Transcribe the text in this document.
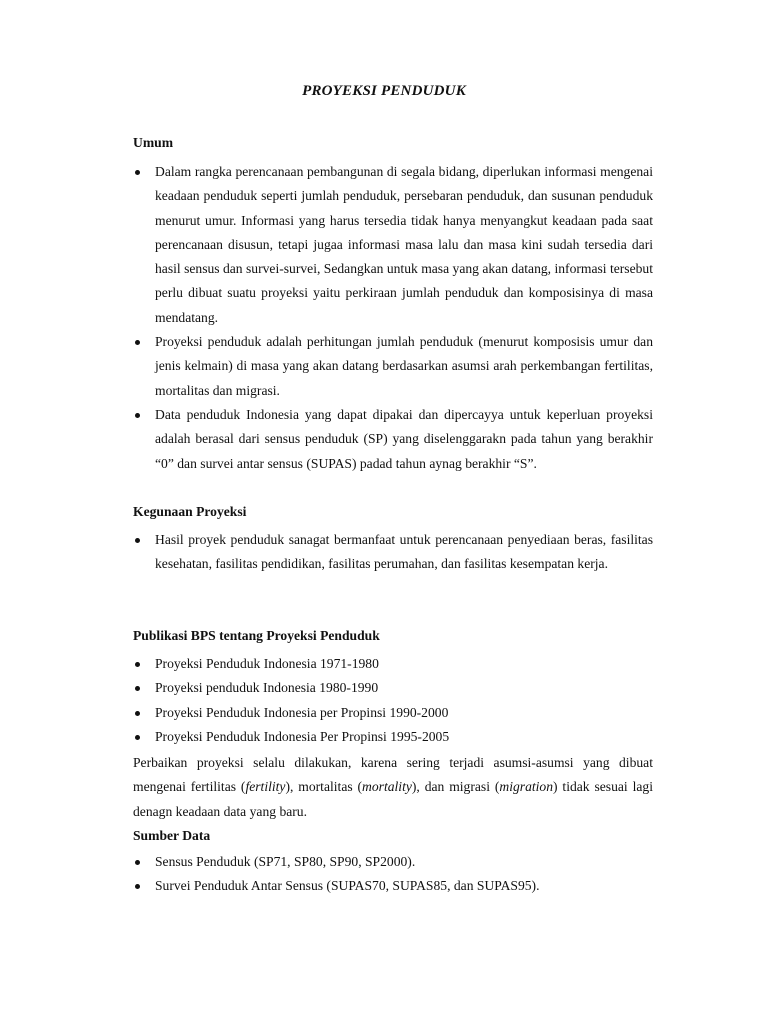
PROYEKSI PENDUDUK
Umum
Dalam rangka perencanaan pembangunan di segala bidang, diperlukan informasi mengenai keadaan penduduk seperti jumlah penduduk, persebaran penduduk, dan susunan penduduk menurut umur. Informasi yang harus tersedia tidak hanya menyangkut keadaan pada saat perencanaan disusun, tetapi jugaa informasi masa lalu dan masa kini sudah tersedia dari hasil sensus dan survei-survei, Sedangkan untuk masa yang akan datang, informasi tersebut perlu dibuat suatu proyeksi yaitu perkiraan jumlah penduduk dan komposisinya di masa mendatang.
Proyeksi penduduk adalah perhitungan jumlah penduduk (menurut komposisis umur dan jenis kelmain) di masa yang akan datang berdasarkan asumsi arah perkembangan fertilitas, mortalitas dan migrasi.
Data penduduk Indonesia yang dapat dipakai dan dipercayya untuk keperluan proyeksi adalah berasal dari sensus penduduk (SP) yang diselenggarakn pada tahun yang berakhir “0” dan survei antar sensus (SUPAS) padad tahun aynag berakhir “S”.
Kegunaan Proyeksi
Hasil proyek penduduk sanagat bermanfaat untuk perencanaan penyediaan beras, fasilitas kesehatan, fasilitas pendidikan, fasilitas perumahan, dan fasilitas kesempatan kerja.
Publikasi BPS tentang Proyeksi Penduduk
Proyeksi Penduduk Indonesia 1971-1980
Proyeksi penduduk Indonesia 1980-1990
Proyeksi Penduduk Indonesia per Propinsi 1990-2000
Proyeksi Penduduk Indonesia Per Propinsi 1995-2005

Perbaikan proyeksi selalu dilakukan, karena sering terjadi asumsi-asumsi yang dibuat mengenai fertilitas (fertility), mortalitas (mortality), dan migrasi (migration) tidak sesuai lagi denagn keadaan data yang baru.

Sumber Data
Sensus Penduduk (SP71, SP80, SP90, SP2000).
Survei Penduduk Antar Sensus (SUPAS70, SUPAS85, dan SUPAS95).
